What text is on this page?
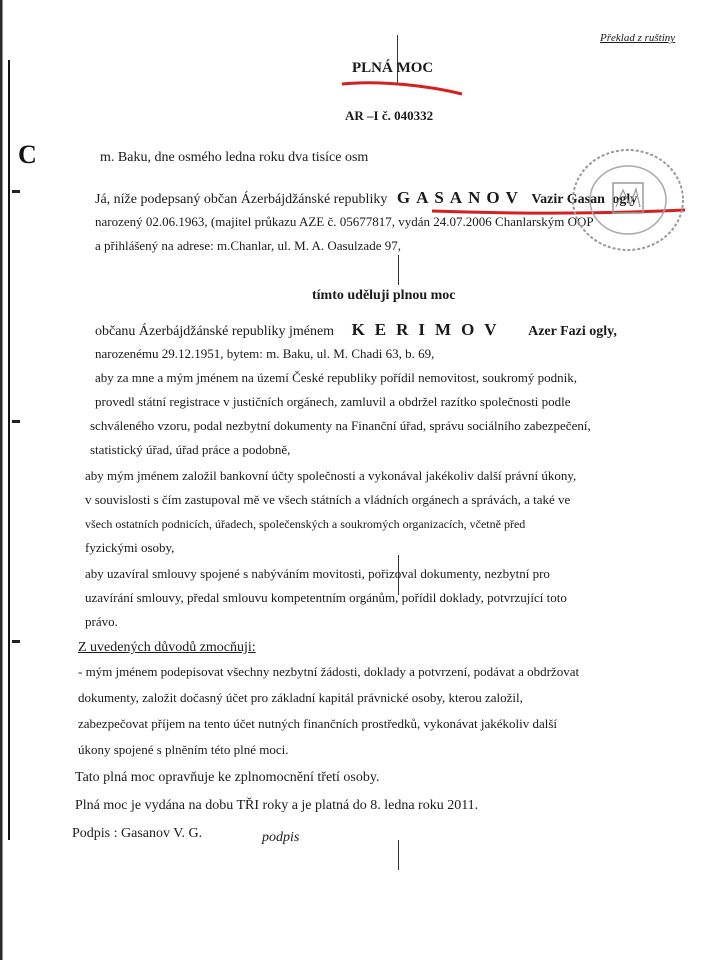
C
Překlad z ruštiny
PLNÁ MOC
AR –I č. 040332
m. Baku, dne osmého ledna roku dva tisíce osm
Já, níže podepsaný občan Ázerbájdžánské republiky GASANOV Vazir Gasan ogly
narozený 02.06.1963, (majitel průkazu AZE č. 05677817, vydán 24.07.2006 Chanlarským OOP
a přihlášený na adrese: m.Chanlar, ul. M. A. Oasulzade 97,
tímto uděluji plnou moc
občanu Ázerbájdžánské republiky jménem KERIMOV Azer Fazi ogly,
narozenému 29.12.1951, bytem: m. Baku, ul. M. Chadi 63, b. 69,
aby za mne a mým jménem na území České republiky pořídil nemovitost, soukromý podnik,
provedl státní registrace v justičních orgánech, zamluvil a obdržel razítko společnosti podle
schváleného vzoru, podal nezbytní dokumenty na Finanční úřad, správu sociálního zabezpečení,
statistický úřad, úřad práce a podobně,
aby mým jménem založil bankovní účty společnosti a vykonával jakékoliv další právní úkony,
v souvislosti s čím zastupoval mě ve všech státních a vládních orgánech a správách, a také ve
všech ostatních podnicích, úřadech, společenských a soukromých organizacích, včetně před
fyzickými osoby,
aby uzavíral smlouvy spojené s nabýváním movitosti, pořizoval dokumenty, nezbytní pro
uzavírání smlouvy, předal smlouvu kompetentním orgánům, pořídil doklady, potvrzující toto
právo.
Z uvedených důvodů zmocňuji:
- mým jménem podepisovat všechny nezbytní žádosti, doklady a potvrzení, podávat a obdržovat
dokumenty, založit dočasný účet pro základní kapitál právnické osoby, kterou založil,
zabezpečovat příjem na tento účet nutných finančních prostředků, vykonávat jakékoliv další
úkony spojené s plněním této plné moci.
Tato plná moc opravňuje ke zplnomocnění třetí osoby.
Plná moc je vydána na dobu TŘI roky a je platná do 8. ledna roku 2011.
Podpis : Gasanov V. G.	podpis
